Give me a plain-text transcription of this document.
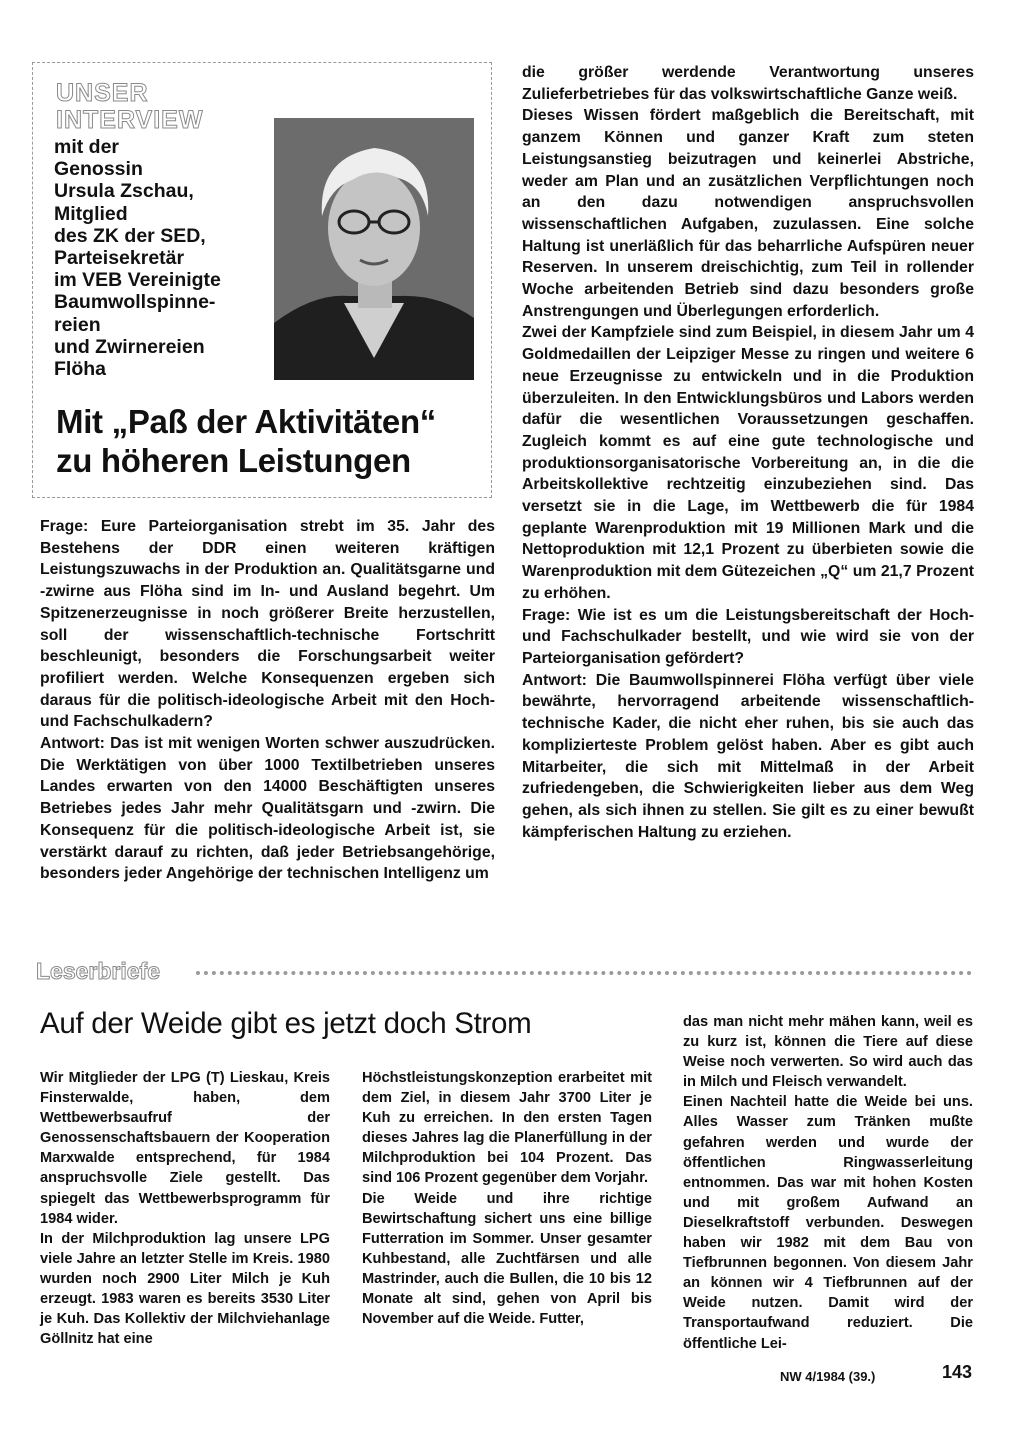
UNSER
INTERVIEW
mit der
Genossin
Ursula Zschau,
Mitglied
des ZK der SED,
Parteisekretär
im VEB Vereinigte
Baumwollspinne-
reien
und Zwirnereien
Flöha
Mit „Paß der Aktivitäten“
zu höheren Leistungen

Frage: Eure Parteiorganisation strebt im 35. Jahr des Bestehens der DDR einen weiteren kräftigen Leistungszuwachs in der Produktion an. Qualitätsgarne und -zwirne aus Flöha sind im In- und Ausland begehrt. Um Spitzenerzeugnisse in noch größerer Breite herzustellen, soll der wissenschaftlich-technische Fortschritt beschleunigt, besonders die Forschungsarbeit weiter profiliert werden. Welche Konsequenzen ergeben sich daraus für die politisch-ideologische Arbeit mit den Hoch- und Fachschulkadern?

Antwort: Das ist mit wenigen Worten schwer auszudrücken. Die Werktätigen von über 1000 Textilbetrieben unseres Landes erwarten von den 14000 Beschäftigten unseres Betriebes jedes Jahr mehr Qualitätsgarn und -zwirn. Die Konsequenz für die politisch-ideologische Arbeit ist, sie verstärkt darauf zu richten, daß jeder Betriebsangehörige, besonders jeder Angehörige der technischen Intelligenz um

die größer werdende Verantwortung unseres Zulieferbetriebes für das volkswirtschaftliche Ganze weiß.

Dieses Wissen fördert maßgeblich die Bereitschaft, mit ganzem Können und ganzer Kraft zum steten Leistungsanstieg beizutragen und keinerlei Abstriche, weder am Plan und an zusätzlichen Verpflichtungen noch an den dazu notwendigen anspruchsvollen wissenschaftlichen Aufgaben, zuzulassen. Eine solche Haltung ist unerläßlich für das beharrliche Aufspüren neuer Reserven. In unserem dreischichtig, zum Teil in rollender Woche arbeitenden Betrieb sind dazu besonders große Anstrengungen und Überlegungen erforderlich.

Zwei der Kampfziele sind zum Beispiel, in diesem Jahr um 4 Goldmedaillen der Leipziger Messe zu ringen und weitere 6 neue Erzeugnisse zu entwickeln und in die Produktion überzuleiten. In den Entwicklungsbüros und Labors werden dafür die wesentlichen Voraussetzungen geschaffen. Zugleich kommt es auf eine gute technologische und produktionsorganisatorische Vorbereitung an, in die die Arbeitskollektive rechtzeitig einzubeziehen sind. Das versetzt sie in die Lage, im Wettbewerb die für 1984 geplante Warenproduktion mit 19 Millionen Mark und die Nettoproduktion mit 12,1 Prozent zu überbieten sowie die Warenproduktion mit dem Gütezeichen „Q“ um 21,7 Prozent zu erhöhen.

Frage: Wie ist es um die Leistungsbereitschaft der Hoch- und Fachschulkader bestellt, und wie wird sie von der Parteiorganisation gefördert?

Antwort: Die Baumwollspinnerei Flöha verfügt über viele bewährte, hervorragend arbeitende wissenschaftlich-technische Kader, die nicht eher ruhen, bis sie auch das komplizierteste Problem gelöst haben. Aber es gibt auch Mitarbeiter, die sich mit Mittelmaß in der Arbeit zufriedengeben, die Schwierigkeiten lieber aus dem Weg gehen, als sich ihnen zu stellen. Sie gilt es zu einer bewußt kämpferischen Haltung zu erziehen.

Leserbriefe
Auf der Weide gibt es jetzt doch Strom

Wir Mitglieder der LPG (T) Lieskau, Kreis Finsterwalde, haben, dem Wettbewerbsaufruf der Genossenschaftsbauern der Kooperation Marxwalde entsprechend, für 1984 anspruchsvolle Ziele gestellt. Das spiegelt das Wettbewerbsprogramm für 1984 wider.

In der Milchproduktion lag unsere LPG viele Jahre an letzter Stelle im Kreis. 1980 wurden noch 2900 Liter Milch je Kuh erzeugt. 1983 waren es bereits 3530 Liter je Kuh. Das Kollektiv der Milchviehanlage Göllnitz hat eine

Höchstleistungskonzeption erarbeitet mit dem Ziel, in diesem Jahr 3700 Liter je Kuh zu erreichen. In den ersten Tagen dieses Jahres lag die Planerfüllung in der Milchproduktion bei 104 Prozent. Das sind 106 Prozent gegenüber dem Vorjahr.

Die Weide und ihre richtige Bewirtschaftung sichert uns eine billige Futterration im Sommer. Unser gesamter Kuhbestand, alle Zuchtfärsen und alle Mastrinder, auch die Bullen, die 10 bis 12 Monate alt sind, gehen von April bis November auf die Weide. Futter,

das man nicht mehr mähen kann, weil es zu kurz ist, können die Tiere auf diese Weise noch verwerten. So wird auch das in Milch und Fleisch verwandelt.

Einen Nachteil hatte die Weide bei uns. Alles Wasser zum Tränken mußte gefahren werden und wurde der öffentlichen Ringwasserleitung entnommen. Das war mit hohen Kosten und mit großem Aufwand an Dieselkraftstoff verbunden. Deswegen haben wir 1982 mit dem Bau von Tiefbrunnen begonnen. Von diesem Jahr an können wir 4 Tiefbrunnen auf der Weide nutzen. Damit wird der Transportaufwand reduziert. Die öffentliche Lei-

NW 4/1984 (39.)	143
